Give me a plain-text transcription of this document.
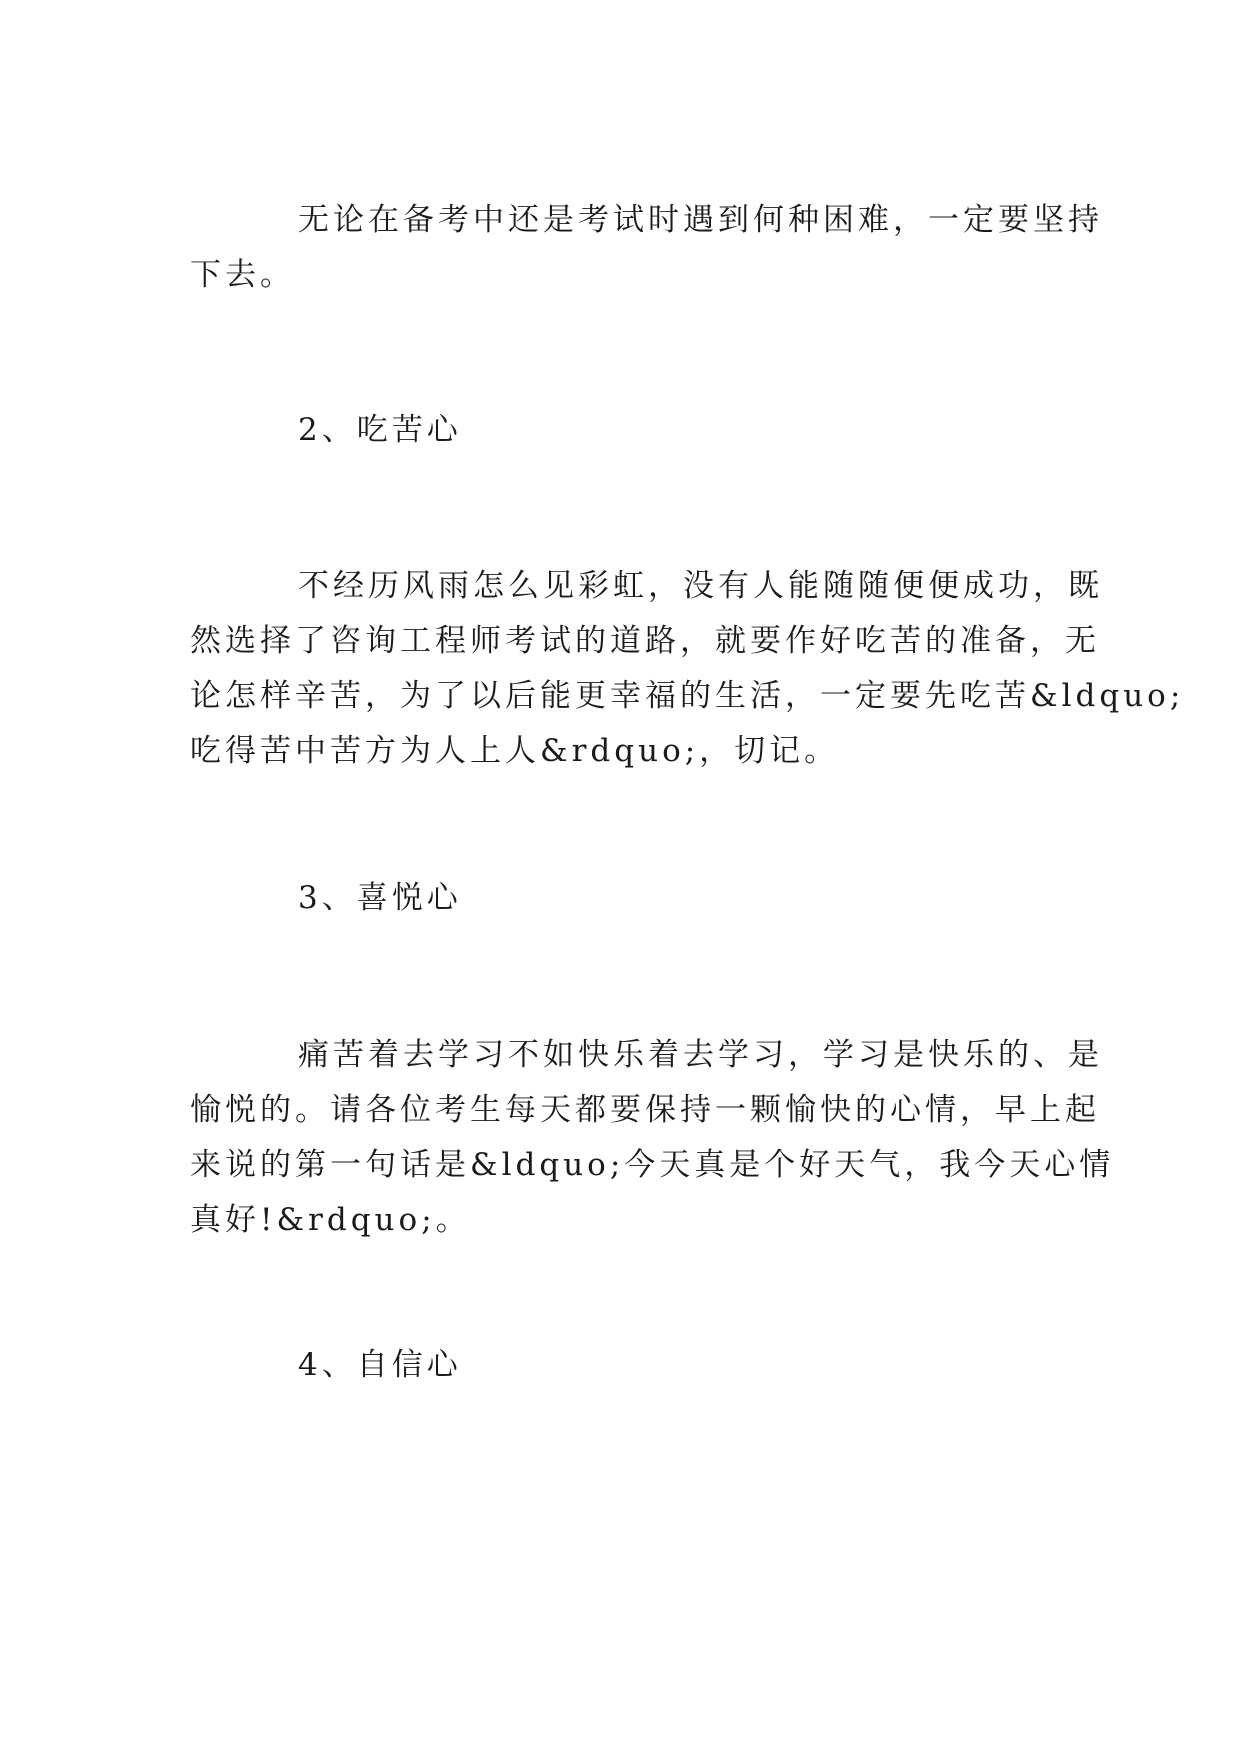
无论在备考中还是考试时遇到何种困难，一定要坚持
下去。
2、吃苦心
不经历风雨怎么见彩虹，没有人能随随便便成功，既
然选择了咨询工程师考试的道路，就要作好吃苦的准备，无
论怎样辛苦，为了以后能更幸福的生活，一定要先吃苦&ldquo;
吃得苦中苦方为人上人&rdquo;，切记。
3、喜悦心
痛苦着去学习不如快乐着去学习，学习是快乐的、是
愉悦的。请各位考生每天都要保持一颗愉快的心情，早上起
来说的第一句话是&ldquo;今天真是个好天气，我今天心情
真好!&rdquo;。
4、自信心
